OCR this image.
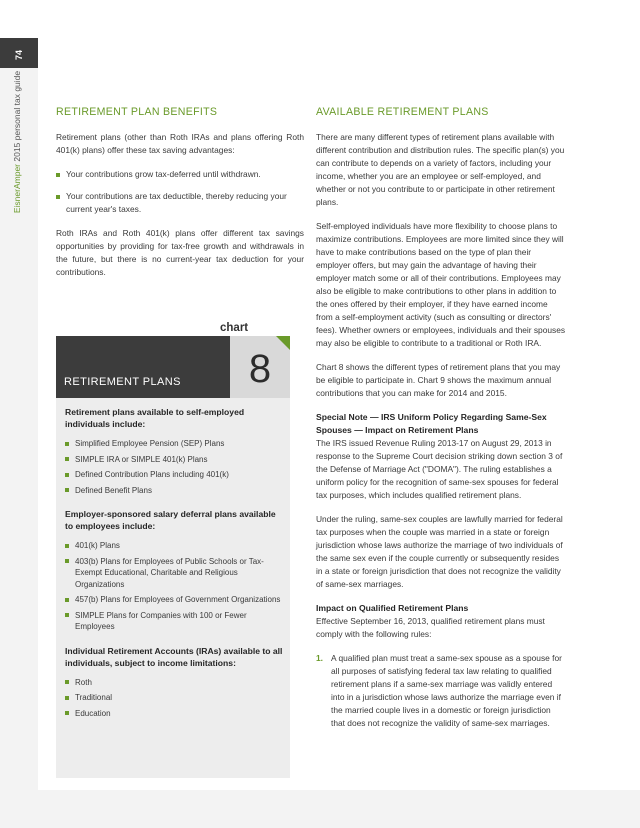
74
EisnerAmper 2015 personal tax guide	RETIREMENT PLAN BENEFITS

Retirement plans (other than Roth IRAs and plans offering Roth 401(k) plans) offer these tax saving advantages:

Your contributions grow tax-deferred until withdrawn.
Your contributions are tax deductible, thereby reducing your current year's taxes.

Roth IRAs and Roth 401(k) plans offer different tax savings opportunities by providing for tax-free growth and withdrawals in the future, but there is no current-year tax deduction for your contributions.

chart
RETIREMENT PLANS	8
Retirement plans available to self-employed individuals include:
Simplified Employee Pension (SEP) Plans
SIMPLE IRA or SIMPLE 401(k) Plans
Defined Contribution Plans including 401(k)
Defined Benefit Plans
Employer-sponsored salary deferral plans available to employees include:
401(k) Plans
403(b) Plans for Employees of Public Schools or Tax-Exempt Educational, Charitable and Religious Organizations
457(b) Plans for Employees of Government Organizations
SIMPLE Plans for Companies with 100 or Fewer Employees
Individual Retirement Accounts (IRAs) available to all individuals, subject to income limitations:
Roth
Traditional
Education
AVAILABLE RETIREMENT PLANS

There are many different types of retirement plans available with different contribution and distribution rules. The specific plan(s) you can contribute to depends on a variety of factors, including your income, whether you are an employee or self-employed, and whether or not you contribute to or participate in other retirement plans.

Self-employed individuals have more flexibility to choose plans to maximize contributions. Employees are more limited since they will have to make contributions based on the type of plan their employer offers, but may gain the advantage of having their employer match some or all of their contributions. Employees may also be eligible to make contributions to other plans in addition to the ones offered by their employer, if they have earned income from a self-employment activity (such as consulting or directors' fees). Whether owners or employees, individuals and their spouses may also be eligible to contribute to a traditional or Roth IRA.

Chart 8 shows the different types of retirement plans that you may be eligible to participate in. Chart 9 shows the maximum annual contributions that you can make for 2014 and 2015.

Special Note — IRS Uniform Policy Regarding Same-Sex Spouses — Impact on Retirement Plans

The IRS issued Revenue Ruling 2013-17 on August 29, 2013 in response to the Supreme Court decision striking down section 3 of the Defense of Marriage Act ("DOMA"). The ruling establishes a uniform policy for the recognition of same-sex spouses for federal tax purposes, which includes qualified retirement plans.

Under the ruling, same-sex couples are lawfully married for federal tax purposes when the couple was married in a state or foreign jurisdiction whose laws authorize the marriage of two individuals of the same sex even if the couple currently or subsequently resides in a state or foreign jurisdiction that does not recognize the validity of same-sex marriages.

Impact on Qualified Retirement Plans

Effective September 16, 2013, qualified retirement plans must comply with the following rules:

1. A qualified plan must treat a same-sex spouse as a spouse for all purposes of satisfying federal tax law relating to qualified retirement plans if a same-sex marriage was validly entered into in a jurisdiction whose laws authorize the marriage even if the married couple lives in a domestic or foreign jurisdiction that does not recognize the validity of same-sex marriages.
